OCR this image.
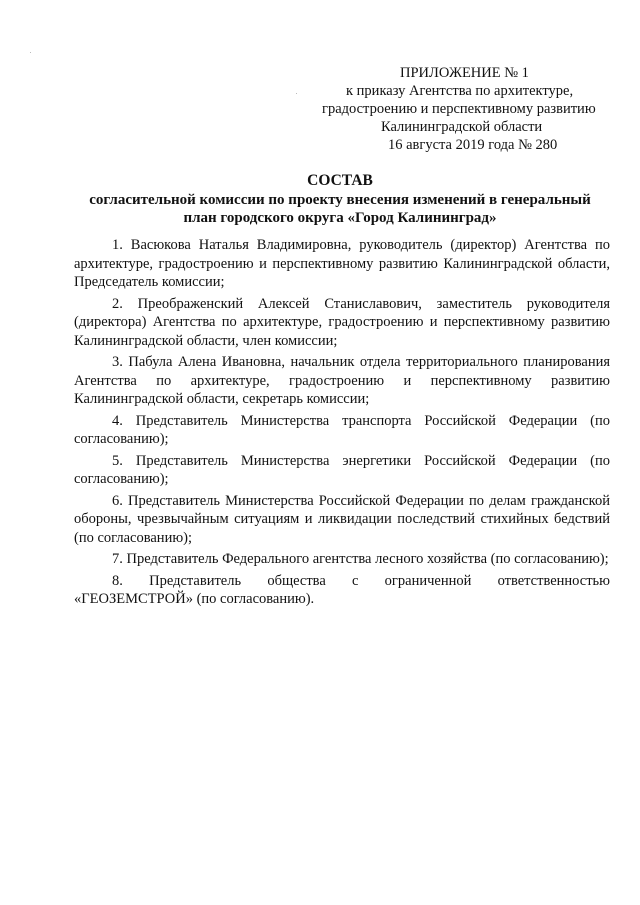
ПРИЛОЖЕНИЕ № 1
к приказу Агентства по архитектуре,
градостроению и перспективному развитию
Калининградской области
16 августа 2019 года № 280
СОСТАВ
согласительной комиссии по проекту внесения изменений в генеральный
план городского округа «Город Калининград»

1. Васюкова Наталья Владимировна, руководитель (директор) Агентства по архитектуре, градостроению и перспективному развитию Калининградской области, Председатель комиссии;

2. Преображенский Алексей Станиславович, заместитель руководителя (директора) Агентства по архитектуре, градостроению и перспективному развитию Калининградской области, член комиссии;

3. Пабула Алена Ивановна, начальник отдела территориального планирования Агентства по архитектуре, градостроению и перспективному развитию Калининградской области, секретарь комиссии;

4. Представитель Министерства транспорта Российской Федерации (по согласованию);

5. Представитель Министерства энергетики Российской Федерации (по согласованию);

6. Представитель Министерства Российской Федерации по делам гражданской обороны, чрезвычайным ситуациям и ликвидации последствий стихийных бедствий (по согласованию);

7. Представитель Федерального агентства лесного хозяйства (по согласованию);

8. Представитель общества с ограниченной ответственностью «ГЕОЗЕМСТРОЙ» (по согласованию).
